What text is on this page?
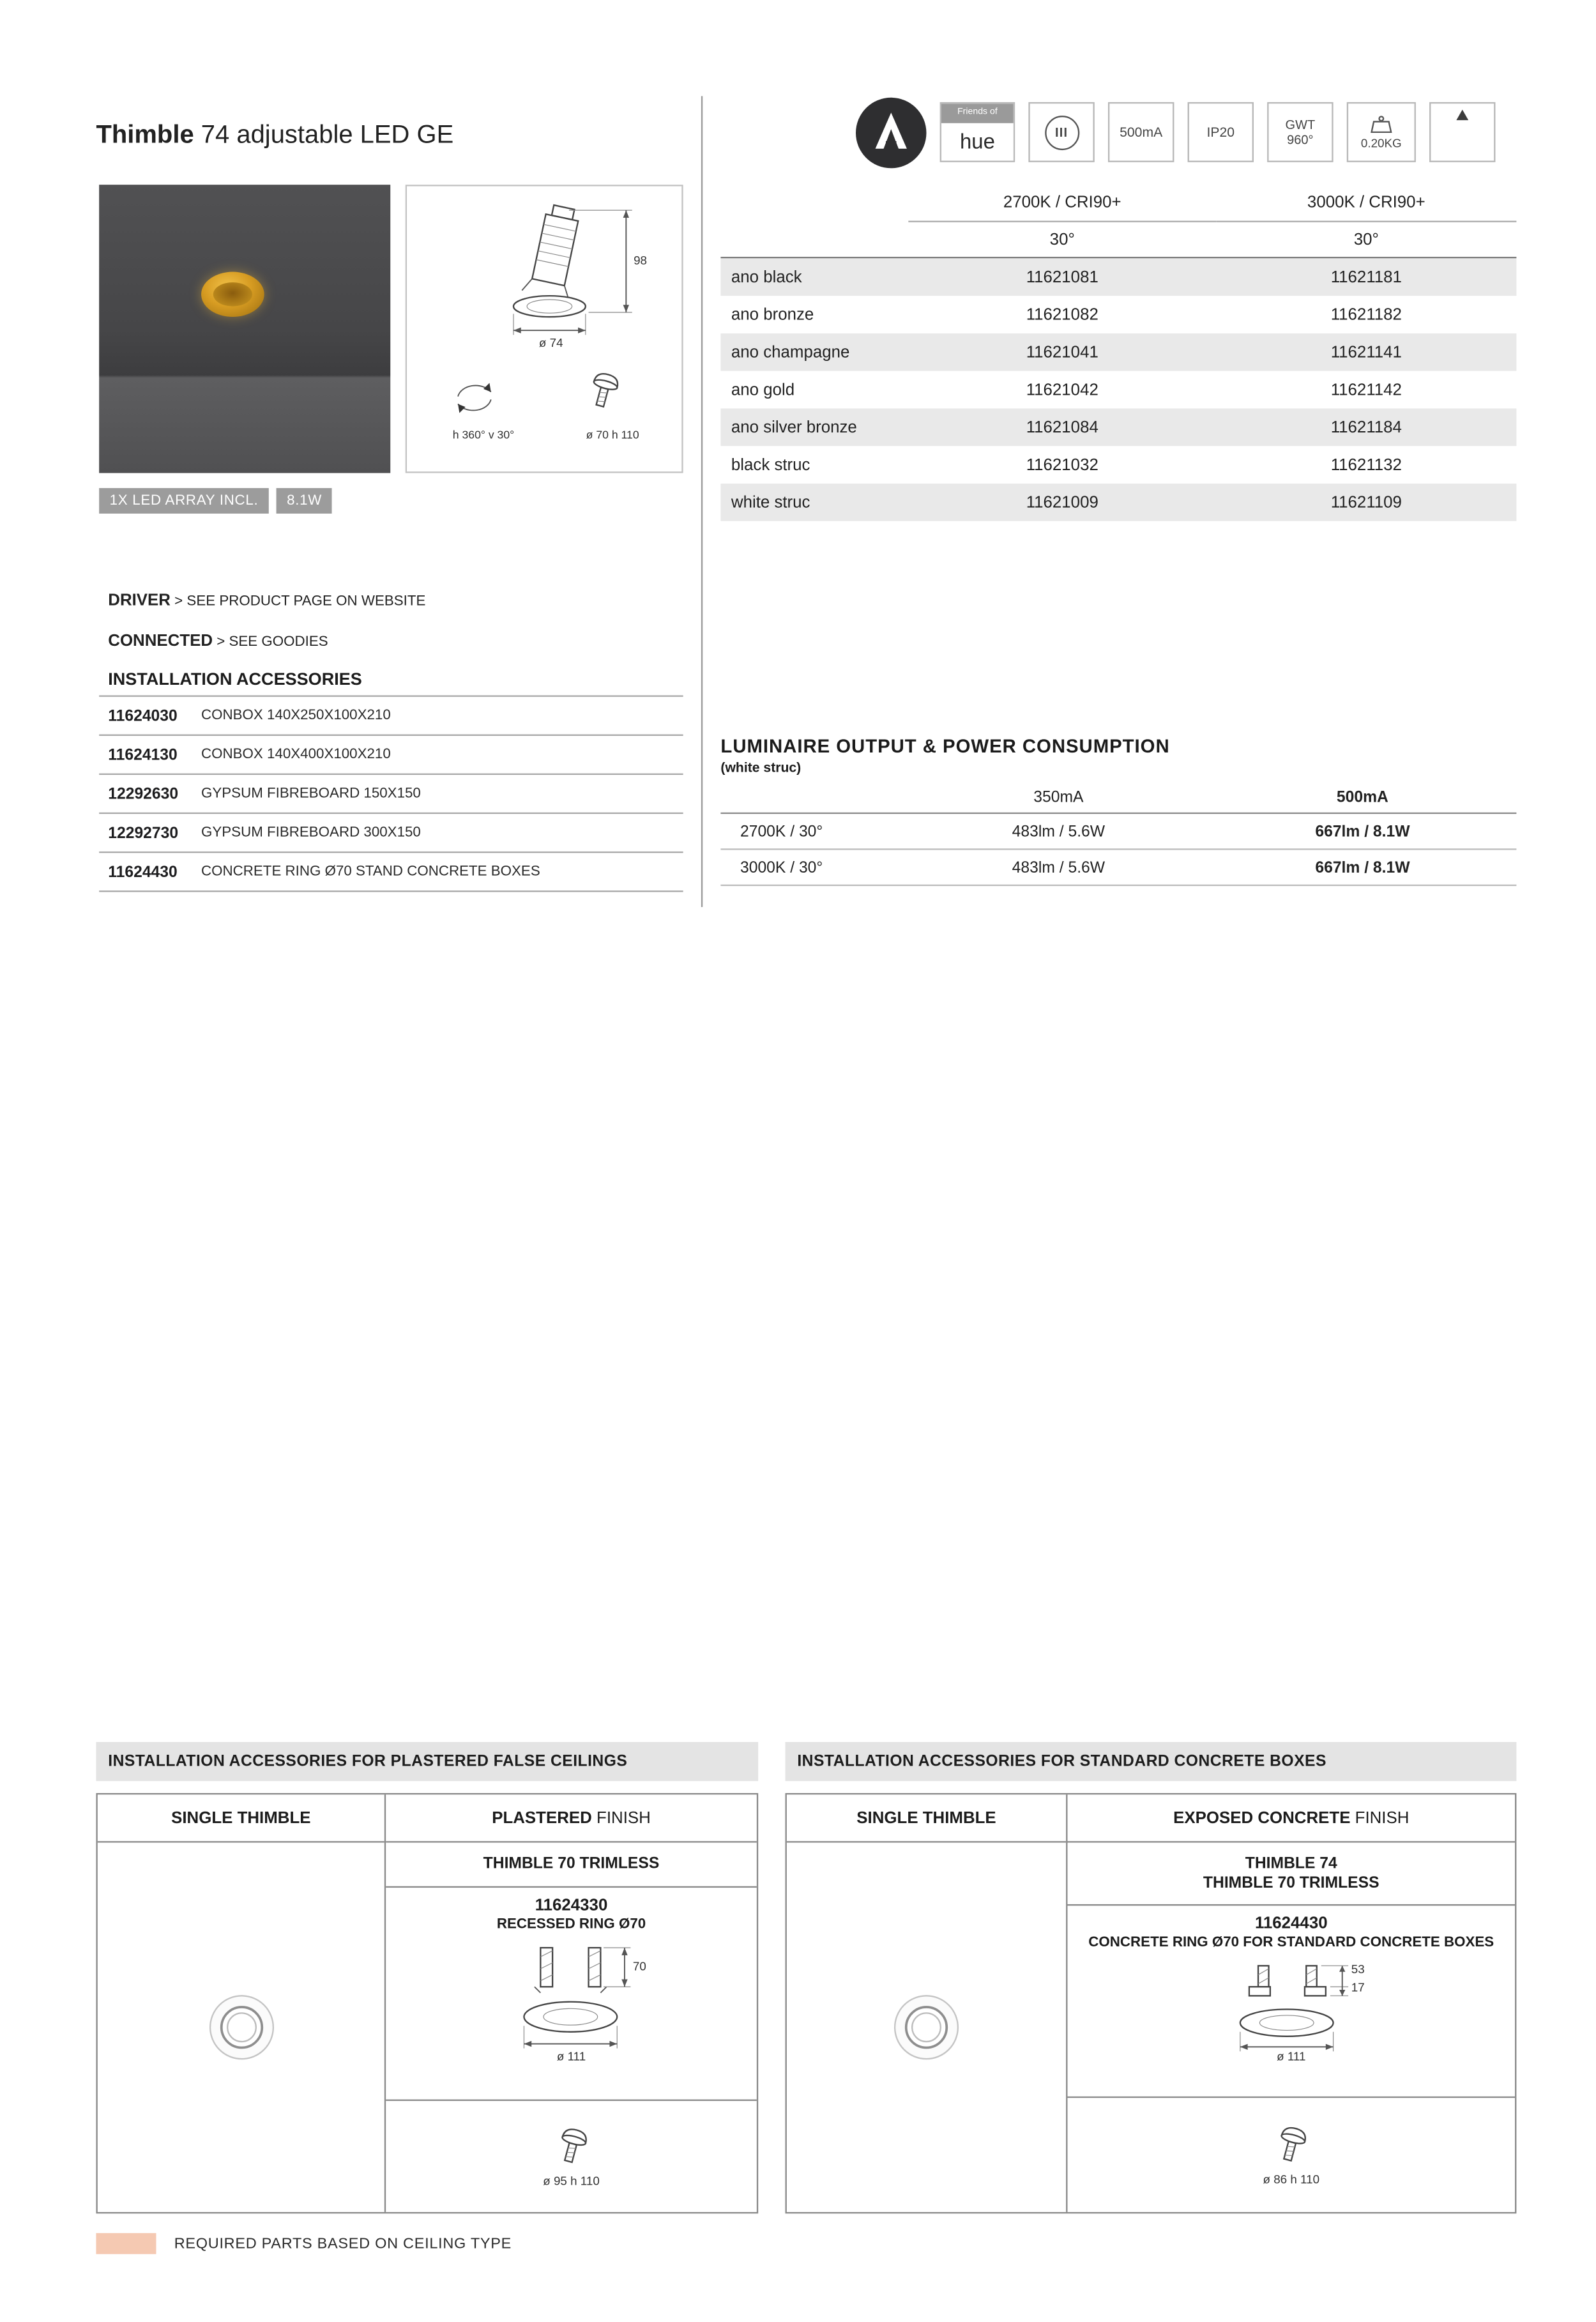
Thimble 74 adjustable LED GE
98
ø 74
h 360° v 30°	ø 70 h 110
1X LED ARRAY INCL.	8.1W
Friends of
hue	III	500mA	IP20	GWT
960°	0.20KG
2700K / CRI90+	3000K / CRI90+
30°	30°
ano black	11621081	11621181
ano bronze	11621082	11621182
ano champagne	11621041	11621141
ano gold	11621042	11621142
ano silver bronze	11621084	11621184
black struc	11621032	11621132
white struc	11621009	11621109
DRIVER > SEE PRODUCT PAGE ON WEBSITE
CONNECTED > SEE GOODIES
INSTALLATION ACCESSORIES
11624030	CONBOX 140X250X100X210
11624130	CONBOX 140X400X100X210
12292630	GYPSUM FIBREBOARD 150X150
12292730	GYPSUM FIBREBOARD 300X150
11624430	CONCRETE RING Ø70 STAND CONCRETE BOXES
LUMINAIRE OUTPUT & POWER CONSUMPTION
(white struc)
350mA	500mA
2700K / 30°	483lm / 5.6W	667lm / 8.1W
3000K / 30°	483lm / 5.6W	667lm / 8.1W
INSTALLATION ACCESSORIES FOR PLASTERED FALSE CEILINGS
SINGLE THIMBLE	PLASTERED
FINISH
THIMBLE 70 TRIMLESS
11624330
RECESSED RING Ø70
70
ø 111
ø 95 h 110
INSTALLATION ACCESSORIES FOR STANDARD CONCRETE BOXES
SINGLE THIMBLE	EXPOSED CONCRETE
FINISH
THIMBLE 74
THIMBLE 70 TRIMLESS
11624430
CONCRETE RING Ø70 FOR STANDARD CONCRETE BOXES
53
17
ø 111
ø 86 h 110
REQUIRED PARTS BASED ON CEILING TYPE
